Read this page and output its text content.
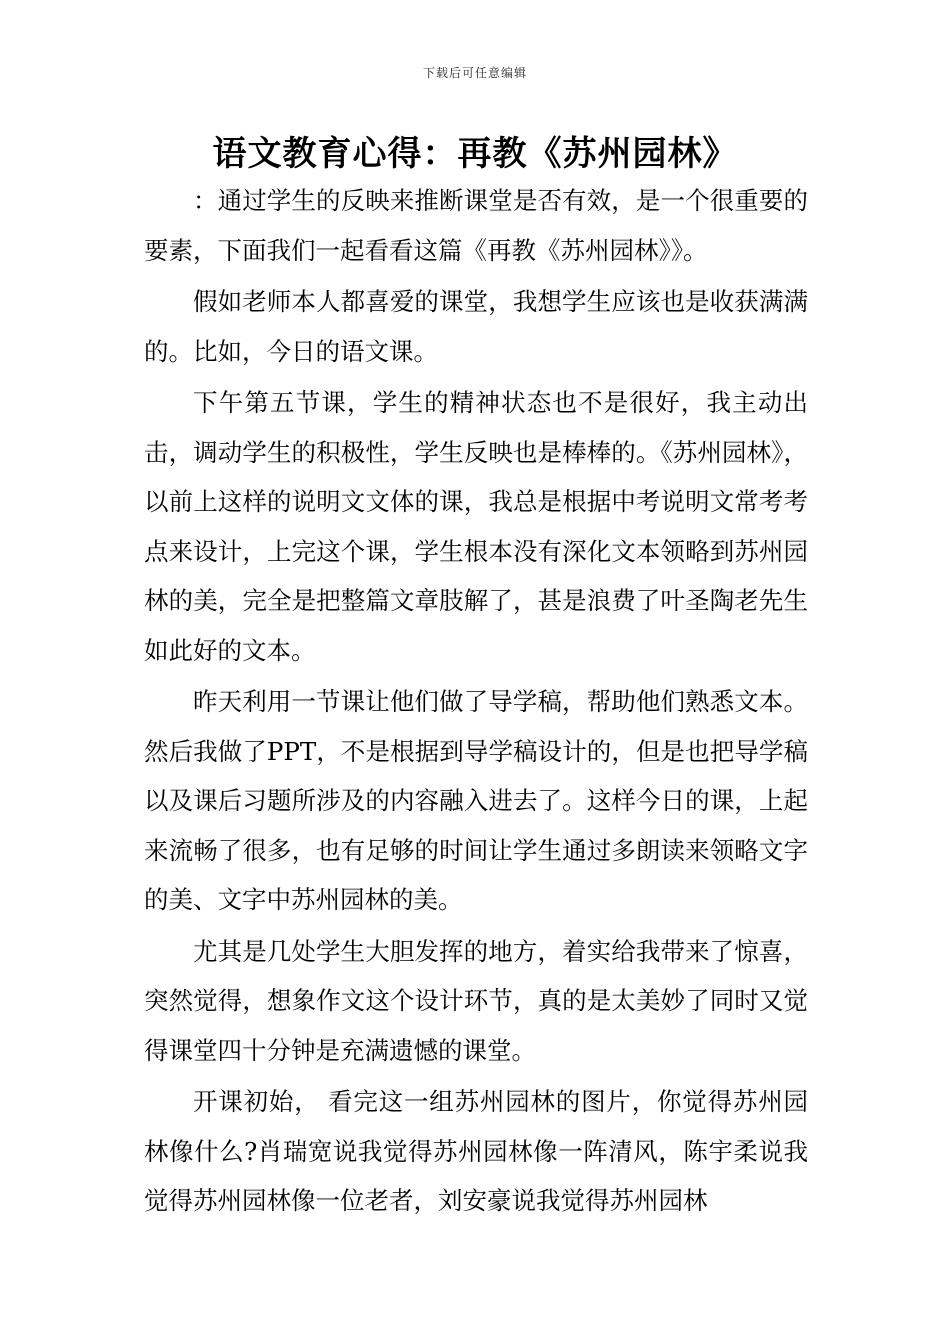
下载后可任意编辑
语文教育心得：再教《苏州园林》

：通过学生的反映来推断课堂是否有效，是一个很重要的要素，下面我们一起看看这篇《再教《苏州园林》》。

假如老师本人都喜爱的课堂，我想学生应该也是收获满满的。比如，今日的语文课。

下午第五节课，学生的精神状态也不是很好，我主动出击，调动学生的积极性，学生反映也是棒棒的。《苏州园林》，以前上这样的说明文文体的课，我总是根据中考说明文常考考点来设计，上完这个课，学生根本没有深化文本领略到苏州园林的美，完全是把整篇文章肢解了，甚是浪费了叶圣陶老先生如此好的文本。

昨天利用一节课让他们做了导学稿，帮助他们熟悉文本。然后我做了PPT，不是根据到导学稿设计的，但是也把导学稿以及课后习题所涉及的内容融入进去了。这样今日的课，上起来流畅了很多，也有足够的时间让学生通过多朗读来领略文字的美、文字中苏州园林的美。

尤其是几处学生大胆发挥的地方，着实给我带来了惊喜，突然觉得，想象作文这个设计环节，真的是太美妙了同时又觉得课堂四十分钟是充满遗憾的课堂。

开课初始， 看完这一组苏州园林的图片，你觉得苏州园林像什么?肖瑞宽说我觉得苏州园林像一阵清风，陈宇柔说我觉得苏州园林像一位老者，刘安豪说我觉得苏州园林
